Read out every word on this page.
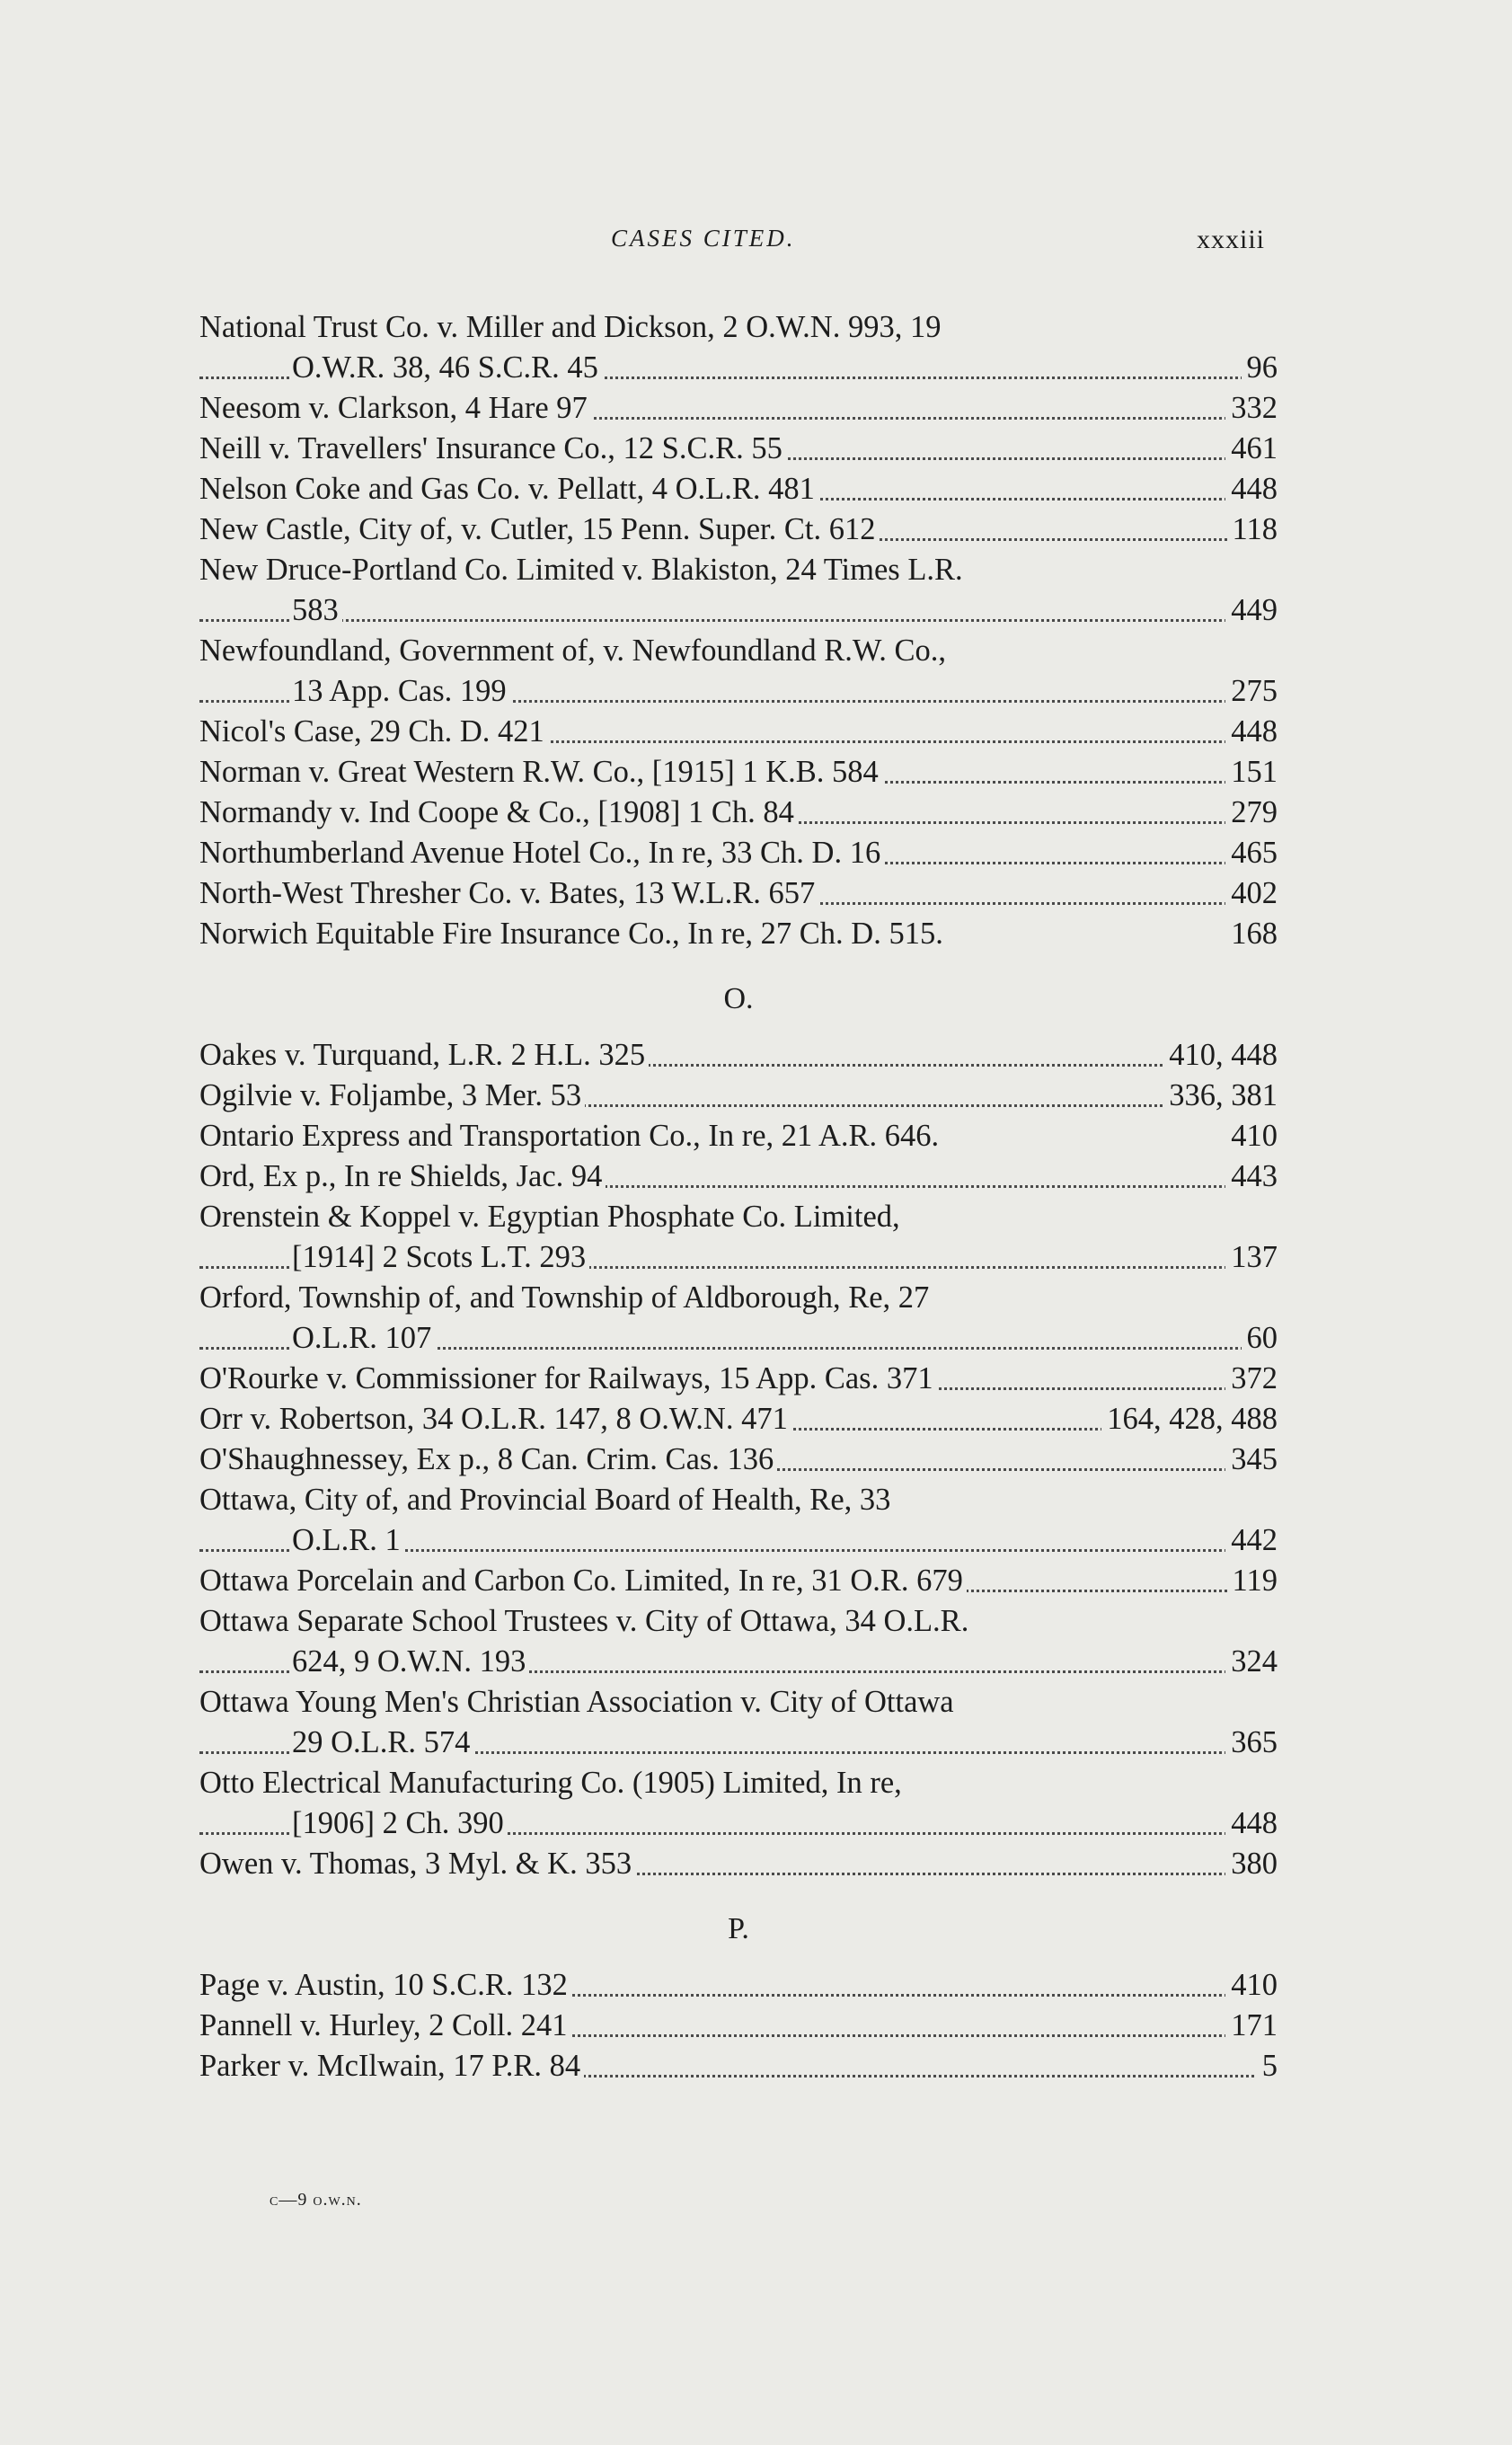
CASES CITED.	xxxiii
National Trust Co. v. Miller and Dickson, 2 O.W.N. 993, 19
O.W.R. 38, 46 S.C.R. 45	96
Neesom v. Clarkson, 4 Hare 97	332
Neill v. Travellers' Insurance Co., 12 S.C.R. 55	461
Nelson Coke and Gas Co. v. Pellatt, 4 O.L.R. 481	448
New Castle, City of, v. Cutler, 15 Penn. Super. Ct. 612	118
New Druce-Portland Co. Limited v. Blakiston, 24 Times L.R.
583	449
Newfoundland, Government of, v. Newfoundland R.W. Co.,
13 App. Cas. 199	275
Nicol's Case, 29 Ch. D. 421	448
Norman v. Great Western R.W. Co., [1915] 1 K.B. 584	151
Normandy v. Ind Coope & Co., [1908] 1 Ch. 84	279
Northumberland Avenue Hotel Co., In re, 33 Ch. D. 16	465
North-West Thresher Co. v. Bates, 13 W.L.R. 657	402
Norwich Equitable Fire Insurance Co., In re, 27 Ch. D. 515.	168
O.
Oakes v. Turquand, L.R. 2 H.L. 325	410, 448
Ogilvie v. Foljambe, 3 Mer. 53	336, 381
Ontario Express and Transportation Co., In re, 21 A.R. 646.	410
Ord, Ex p., In re Shields, Jac. 94	443
Orenstein & Koppel v. Egyptian Phosphate Co. Limited,
[1914] 2 Scots L.T. 293	137
Orford, Township of, and Township of Aldborough, Re, 27
O.L.R. 107	60
O'Rourke v. Commissioner for Railways, 15 App. Cas. 371	372
Orr v. Robertson, 34 O.L.R. 147, 8 O.W.N. 471	164, 428, 488
O'Shaughnessey, Ex p., 8 Can. Crim. Cas. 136	345
Ottawa, City of, and Provincial Board of Health, Re, 33
O.L.R. 1	442
Ottawa Porcelain and Carbon Co. Limited, In re, 31 O.R. 679	119
Ottawa Separate School Trustees v. City of Ottawa, 34 O.L.R.
624, 9 O.W.N. 193	324
Ottawa Young Men's Christian Association v. City of Ottawa
29 O.L.R. 574	365
Otto Electrical Manufacturing Co. (1905) Limited, In re,
[1906] 2 Ch. 390	448
Owen v. Thomas, 3 Myl. & K. 353	380
P.
Page v. Austin, 10 S.C.R. 132	410
Pannell v. Hurley, 2 Coll. 241	171
Parker v. McIlwain, 17 P.R. 84	5
c—9 o.w.n.
